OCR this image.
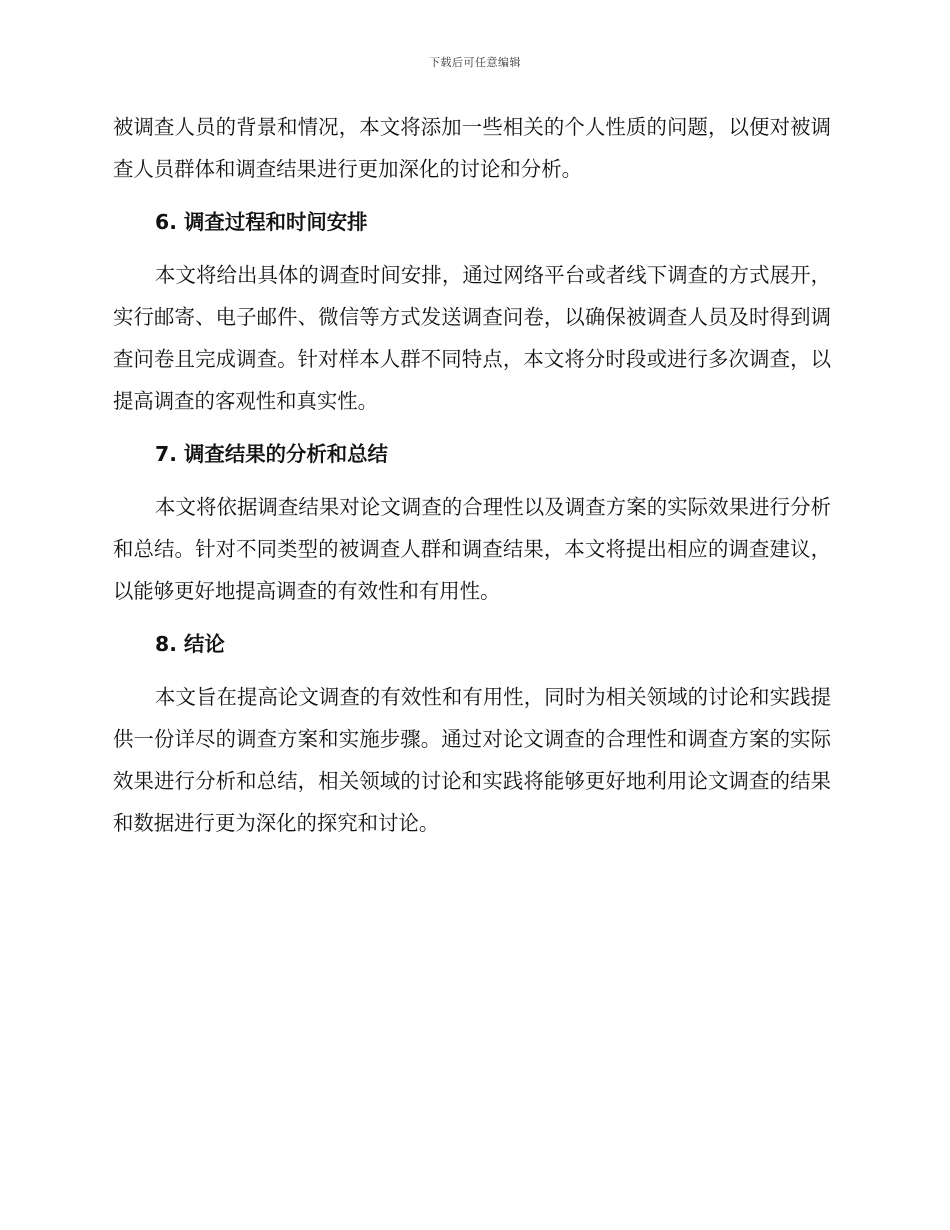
下载后可任意编辑

被调查人员的背景和情况，本文将添加一些相关的个人性质的问题，以便对被调查人员群体和调查结果进行更加深化的讨论和分析。

6. 调查过程和时间安排

本文将给出具体的调查时间安排，通过网络平台或者线下调查的方式展开，实行邮寄、电子邮件、微信等方式发送调查问卷，以确保被调查人员及时得到调查问卷且完成调查。针对样本人群不同特点，本文将分时段或进行多次调查，以提高调查的客观性和真实性。

7. 调查结果的分析和总结

本文将依据调查结果对论文调查的合理性以及调查方案的实际效果进行分析和总结。针对不同类型的被调查人群和调查结果，本文将提出相应的调查建议，以能够更好地提高调查的有效性和有用性。

8. 结论

本文旨在提高论文调查的有效性和有用性，同时为相关领域的讨论和实践提供一份详尽的调查方案和实施步骤。通过对论文调查的合理性和调查方案的实际效果进行分析和总结，相关领域的讨论和实践将能够更好地利用论文调查的结果和数据进行更为深化的探究和讨论。
